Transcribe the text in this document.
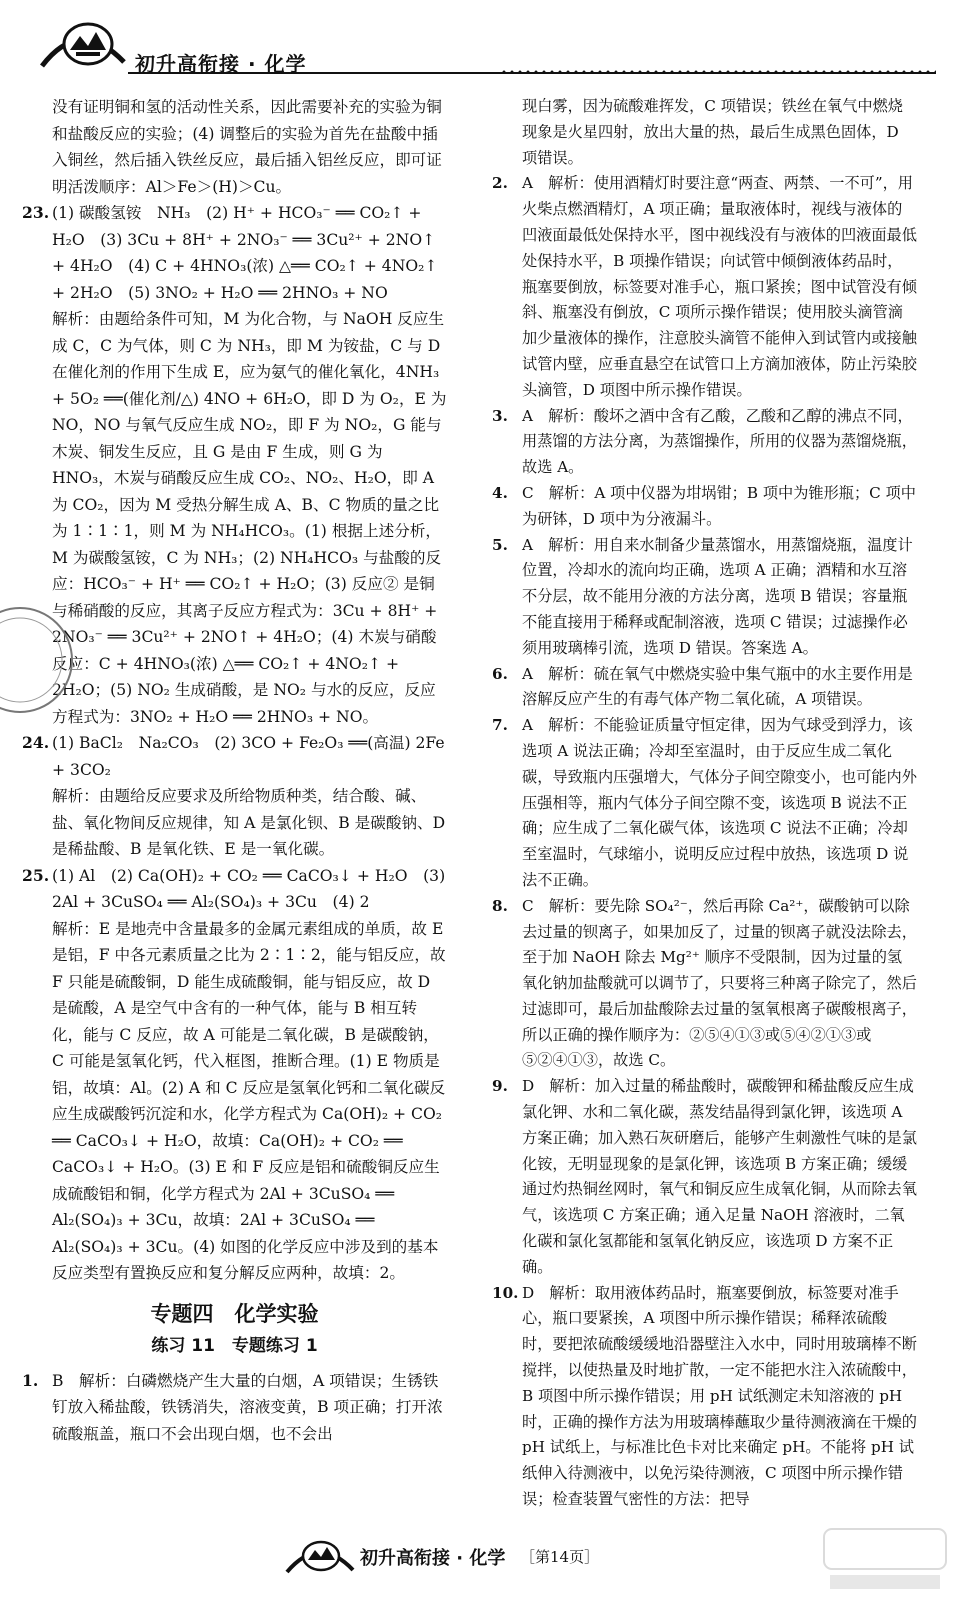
初升高衔接 · 化学
没有证明铜和氢的活动性关系，因此需要补充的实验为铜和盐酸反应的实验；(4) 调整后的实验为首先在盐酸中插入铜丝，然后插入铁丝反应，最后插入铝丝反应，即可证明活泼顺序：Al＞Fe＞(H)＞Cu。
23. (1) 碳酸氢铵　NH₃　(2) H⁺ + HCO₃⁻ ══ CO₂↑ + H₂O　(3) 3Cu + 8H⁺ + 2NO₃⁻ ══ 3Cu²⁺ + 2NO↑ + 4H₂O　(4) C + 4HNO₃(浓) △══ CO₂↑ + 4NO₂↑ + 2H₂O　(5) 3NO₂ + H₂O ══ 2HNO₃ + NO
解析：由题给条件可知，M 为化合物，与 NaOH 反应生成 C，C 为气体，则 C 为 NH₃，即 M 为铵盐，C 与 D 在催化剂的作用下生成 E，应为氨气的催化氧化，4NH₃ + 5O₂ ══(催化剂/△) 4NO + 6H₂O，即 D 为 O₂，E 为 NO，NO 与氧气反应生成 NO₂，即 F 为 NO₂，G 能与木炭、铜发生反应，且 G 是由 F 生成，则 G 为 HNO₃，木炭与硝酸反应生成 CO₂、NO₂、H₂O，即 A 为 CO₂，因为 M 受热分解生成 A、B、C 物质的量之比为 1∶1∶1，则 M 为 NH₄HCO₃。(1) 根据上述分析，M 为碳酸氢铵，C 为 NH₃；(2) NH₄HCO₃ 与盐酸的反应：HCO₃⁻ + H⁺ ══ CO₂↑ + H₂O；(3) 反应② 是铜与稀硝酸的反应，其离子反应方程式为：3Cu + 8H⁺ + 2NO₃⁻ ══ 3Cu²⁺ + 2NO↑ + 4H₂O；(4) 木炭与硝酸反应：C + 4HNO₃(浓) △══ CO₂↑ + 4NO₂↑ + 2H₂O；(5) NO₂ 生成硝酸，是 NO₂ 与水的反应，反应方程式为：3NO₂ + H₂O ══ 2HNO₃ + NO。
24. (1) BaCl₂　Na₂CO₃　(2) 3CO + Fe₂O₃ ══(高温) 2Fe + 3CO₂
解析：由题给反应要求及所给物质种类，结合酸、碱、盐、氧化物间反应规律，知 A 是氯化钡、B 是碳酸钠、D 是稀盐酸、B 是氧化铁、E 是一氧化碳。
25. (1) Al　(2) Ca(OH)₂ + CO₂ ══ CaCO₃↓ + H₂O　(3) 2Al + 3CuSO₄ ══ Al₂(SO₄)₃ + 3Cu　(4) 2
解析：E 是地壳中含量最多的金属元素组成的单质，故 E 是铝，F 中各元素质量之比为 2∶1∶2，能与铝反应，故 F 只能是硫酸铜，D 能生成硫酸铜，能与铝反应，故 D 是硫酸，A 是空气中含有的一种气体，能与 B 相互转化，能与 C 反应，故 A 可能是二氧化碳，B 是碳酸钠，C 可能是氢氧化钙，代入框图，推断合理。(1) E 物质是铝，故填：Al。(2) A 和 C 反应是氢氧化钙和二氧化碳反应生成碳酸钙沉淀和水，化学方程式为 Ca(OH)₂ + CO₂ ══ CaCO₃↓ + H₂O，故填：Ca(OH)₂ + CO₂ ══ CaCO₃↓ + H₂O。(3) E 和 F 反应是铝和硫酸铜反应生成硫酸铝和铜，化学方程式为 2Al + 3CuSO₄ ══ Al₂(SO₄)₃ + 3Cu，故填：2Al + 3CuSO₄ ══ Al₂(SO₄)₃ + 3Cu。(4) 如图的化学反应中涉及到的基本反应类型有置换反应和复分解反应两种，故填：2。
专题四　化学实验
练习 11　专题练习 1
1. B　解析：白磷燃烧产生大量的白烟，A 项错误；生锈铁钉放入稀盐酸，铁锈消失，溶液变黄，B 项正确；打开浓硫酸瓶盖，瓶口不会出现白烟，也不会出
现白雾，因为硫酸难挥发，C 项错误；铁丝在氧气中燃烧现象是火星四射，放出大量的热，最后生成黑色固体，D 项错误。
2. A　解析：使用酒精灯时要注意“两查、两禁、一不可”，用火柴点燃酒精灯，A 项正确；量取液体时，视线与液体的凹液面最低处保持水平，图中视线没有与液体的凹液面最低处保持水平，B 项操作错误；向试管中倾倒液体药品时，瓶塞要倒放，标签要对准手心，瓶口紧挨；图中试管没有倾斜、瓶塞没有倒放，C 项所示操作错误；使用胶头滴管滴加少量液体的操作，注意胶头滴管不能伸入到试管内或接触试管内壁，应垂直悬空在试管口上方滴加液体，防止污染胶头滴管，D 项图中所示操作错误。
3. A　解析：酸坏之酒中含有乙酸，乙酸和乙醇的沸点不同，用蒸馏的方法分离，为蒸馏操作，所用的仪器为蒸馏烧瓶，故选 A。
4. C　解析：A 项中仪器为坩埚钳；B 项中为锥形瓶；C 项中为研钵，D 项中为分液漏斗。
5. A　解析：用自来水制备少量蒸馏水，用蒸馏烧瓶，温度计位置，冷却水的流向均正确，选项 A 正确；酒精和水互溶不分层，故不能用分液的方法分离，选项 B 错误；容量瓶不能直接用于稀释或配制溶液，选项 C 错误；过滤操作必须用玻璃棒引流，选项 D 错误。答案选 A。
6. A　解析：硫在氧气中燃烧实验中集气瓶中的水主要作用是溶解反应产生的有毒气体产物二氧化硫，A 项错误。
7. A　解析：不能验证质量守恒定律，因为气球受到浮力，该选项 A 说法正确；冷却至室温时，由于反应生成二氧化碳，导致瓶内压强增大，气体分子间空隙变小，也可能内外压强相等，瓶内气体分子间空隙不变，该选项 B 说法不正确；应生成了二氧化碳气体，该选项 C 说法不正确；冷却至室温时，气球缩小，说明反应过程中放热，该选项 D 说法不正确。
8. C　解析：要先除 SO₄²⁻，然后再除 Ca²⁺，碳酸钠可以除去过量的钡离子，如果加反了，过量的钡离子就没法除去，至于加 NaOH 除去 Mg²⁺ 顺序不受限制，因为过量的氢氧化钠加盐酸就可以调节了，只要将三种离子除完了，然后过滤即可，最后加盐酸除去过量的氢氧根离子碳酸根离子，所以正确的操作顺序为：②⑤④①③或⑤④②①③或⑤②④①③，故选 C。
9. D　解析：加入过量的稀盐酸时，碳酸钾和稀盐酸反应生成氯化钾、水和二氧化碳，蒸发结晶得到氯化钾，该选项 A 方案正确；加入熟石灰研磨后，能够产生刺激性气味的是氯化铵，无明显现象的是氯化钾，该选项 B 方案正确；缓缓通过灼热铜丝网时，氧气和铜反应生成氧化铜，从而除去氧气，该选项 C 方案正确；通入足量 NaOH 溶液时，二氧化碳和氯化氢都能和氢氧化钠反应，该选项 D 方案不正确。
10. D　解析：取用液体药品时，瓶塞要倒放，标签要对准手心，瓶口要紧挨，A 项图中所示操作错误；稀释浓硫酸时，要把浓硫酸缓缓地沿器壁注入水中，同时用玻璃棒不断搅拌，以使热量及时地扩散，一定不能把水注入浓硫酸中，B 项图中所示操作错误；用 pH 试纸测定未知溶液的 pH 时，正确的操作方法为用玻璃棒蘸取少量待测液滴在干燥的 pH 试纸上，与标准比色卡对比来确定 pH。不能将 pH 试纸伸入待测液中，以免污染待测液，C 项图中所示操作错误；检查装置气密性的方法：把导
初升高衔接 · 化学 ［第14页］
